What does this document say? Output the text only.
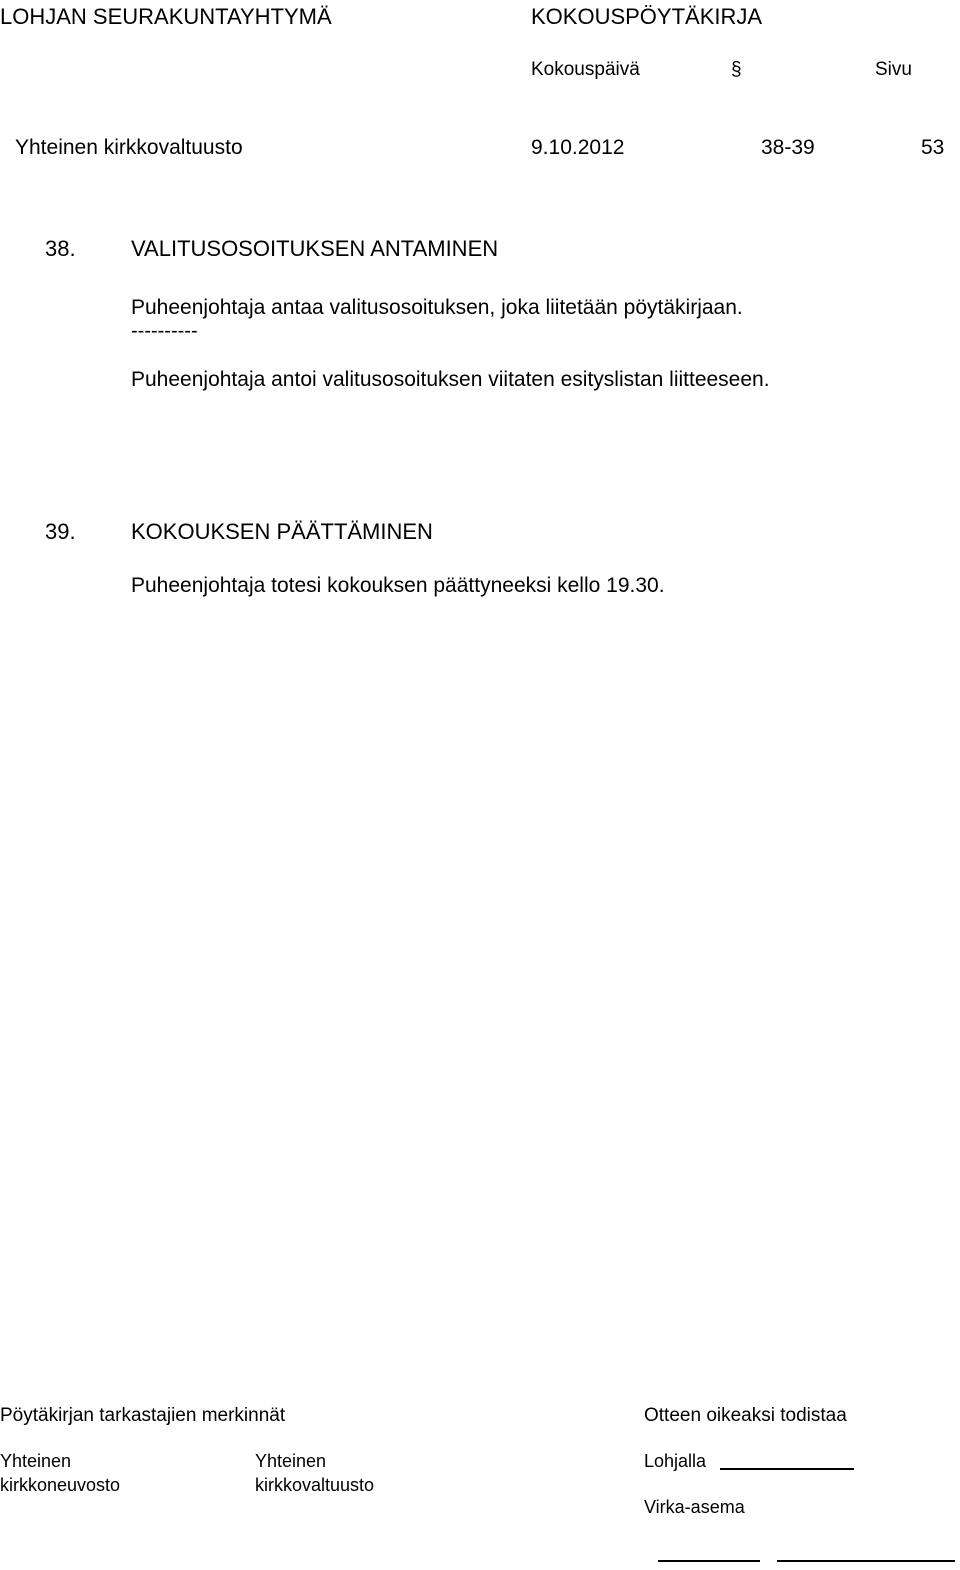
LOHJAN SEURAKUNTAYHTYMÄ	KOKOUSPÖYTÄKIRJA
Kokouspäivä	§	Sivu
Yhteinen kirkkovaltuusto	9.10.2012	38-39	53
38.	VALITUSOSOITUKSEN ANTAMINEN
Puheenjohtaja antaa valitusosoituksen, joka liitetään pöytäkirjaan.
----------
Puheenjohtaja antoi valitusosoituksen viitaten esityslistan liitteeseen.
39.	KOKOUKSEN PÄÄTTÄMINEN
Puheenjohtaja totesi kokouksen päättyneeksi kello 19.30.
Pöytäkirjan tarkastajien merkinnät
Yhteinen
kirkkoneuvosto
Yhteinen
kirkkovaltuusto
Otteen oikeaksi todistaa
Lohjalla
Virka-asema
